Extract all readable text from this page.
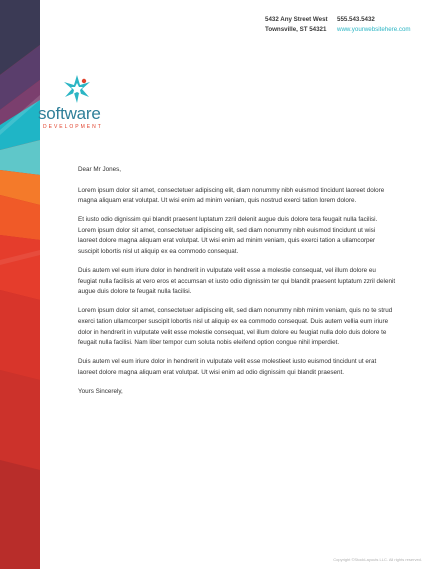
5432 Any Street West
Townsville, ST 54321
555.543.5432
www.yourwebsitehere.com
software
DEVELOPMENT

Dear Mr Jones,

Lorem ipsum dolor sit amet, consectetuer adipiscing elit, diam nonummy nibh euismod tincidunt laoreet dolore magna aliquam erat volutpat. Ut wisi enim ad minim veniam, quis nostrud exerci tation lorem dolore.

Et iusto odio dignissim qui blandit praesent luptatum zzril delenit augue duis dolore tera feugait nulla facilisi. Lorem ipsum dolor sit amet, consectetuer adipiscing elit, sed diam nonummy nibh euismod tincidunt ut wisi laoreet dolore magna aliquam erat volutpat. Ut wisi enim ad minim veniam, quis exerci tation a ullamcorper suscipit lobortis nisl ut aliquip ex ea commodo consequat.

Duis autem vel eum iriure dolor in hendrerit in vulputate velit esse a molestie consequat, vel illum dolore eu feugiat nulla facilisis at vero eros et accumsan et iusto odio dignissim ter qui blandit praesent luptatum zzril delenit augue duis dolore te feugait nulla facilisi.

Lorem ipsum dolor sit amet, consectetuer adipiscing elit, sed diam nonummy nibh minim veniam, quis no te strud exerci tation ullamcorper suscipit lobortis nisl ut aliquip ex ea commodo consequat. Duis autem vellia eum iriure dolor in hendrerit in vulputate velit esse molestie consequat, vel illum dolore eu feugiat nulla dolo duis dolore te feugait nulla facilisi. Nam liber tempor cum soluta nobis eleifend option congue nihil imperdiet.

Duis autem vel eum iriure dolor in hendrerit in vulputate velit esse molestieet iusto euismod tincidunt ut erat laoreet dolore magna aliquam erat volutpat. Ut wisi enim ad odio dignissim qui blandit praesent.

Yours Sincerely,

Copyright ©StockLayouts LLC. All rights reserved.
